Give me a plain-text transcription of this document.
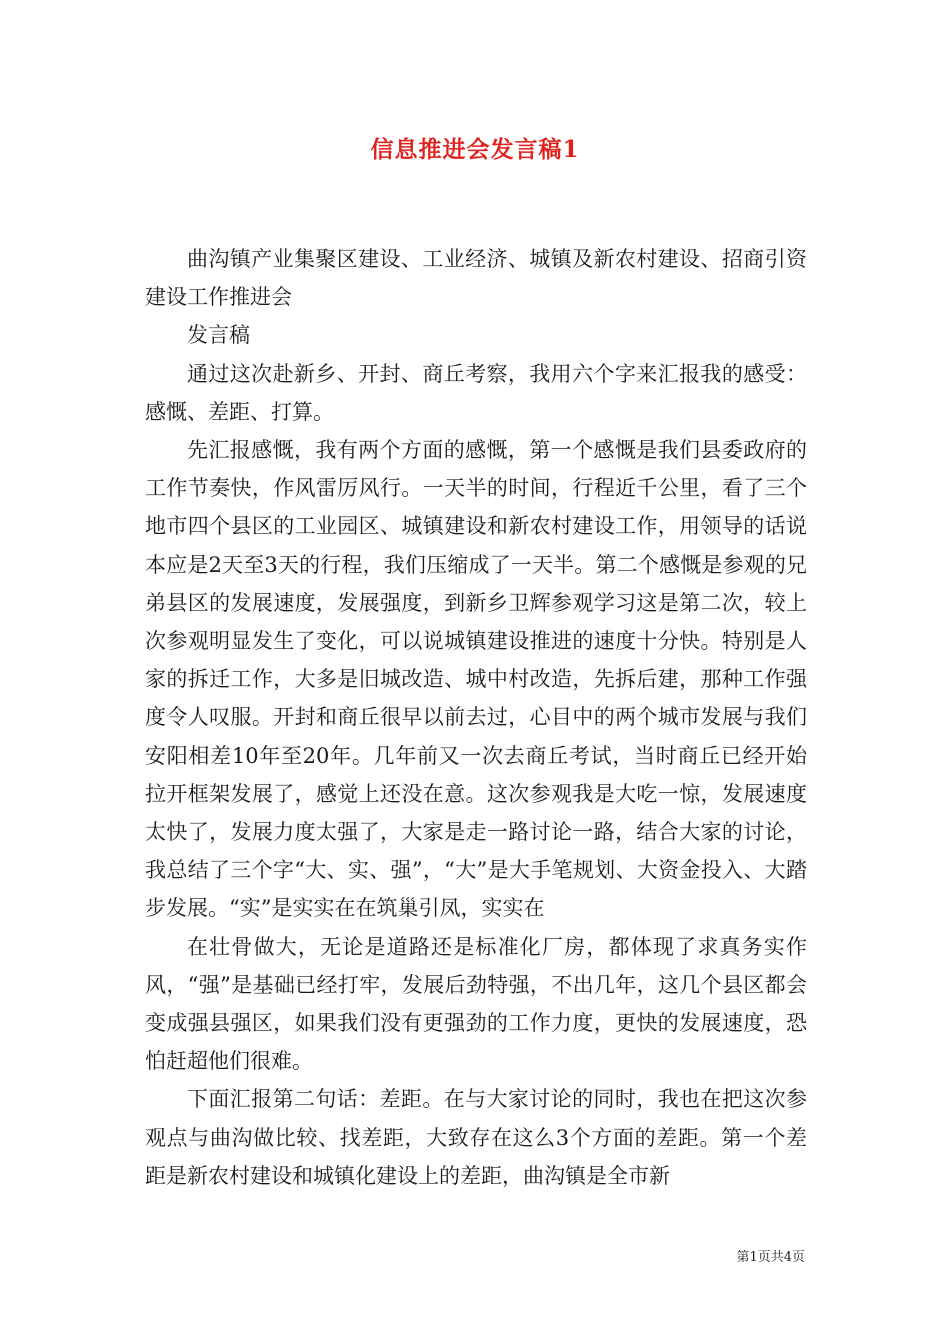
信息推进会发言稿1

曲沟镇产业集聚区建设、工业经济、城镇及新农村建设、招商引资建设工作推进会

发言稿

通过这次赴新乡、开封、商丘考察，我用六个字来汇报我的感受：感慨、差距、打算。

先汇报感慨，我有两个方面的感慨，第一个感慨是我们县委政府的工作节奏快，作风雷厉风行。一天半的时间，行程近千公里，看了三个地市四个县区的工业园区、城镇建设和新农村建设工作，用领导的话说本应是2天至3天的行程，我们压缩成了一天半。第二个感慨是参观的兄弟县区的发展速度，发展强度，到新乡卫辉参观学习这是第二次，较上次参观明显发生了变化，可以说城镇建设推进的速度十分快。特别是人家的拆迁工作，大多是旧城改造、城中村改造，先拆后建，那种工作强度令人叹服。开封和商丘很早以前去过，心目中的两个城市发展与我们安阳相差10年至20年。几年前又一次去商丘考试，当时商丘已经开始拉开框架发展了，感觉上还没在意。这次参观我是大吃一惊，发展速度太快了，发展力度太强了，大家是走一路讨论一路，结合大家的讨论，我总结了三个字“大、实、强”，“大”是大手笔规划、大资金投入、大踏步发展。“实”是实实在在筑巢引凤，实实在

在壮骨做大，无论是道路还是标准化厂房，都体现了求真务实作风，“强”是基础已经打牢，发展后劲特强，不出几年，这几个县区都会变成强县强区，如果我们没有更强劲的工作力度，更快的发展速度，恐怕赶超他们很难。

下面汇报第二句话：差距。在与大家讨论的同时，我也在把这次参观点与曲沟做比较、找差距，大致存在这么3个方面的差距。第一个差距是新农村建设和城镇化建设上的差距，曲沟镇是全市新

第1页共4页
